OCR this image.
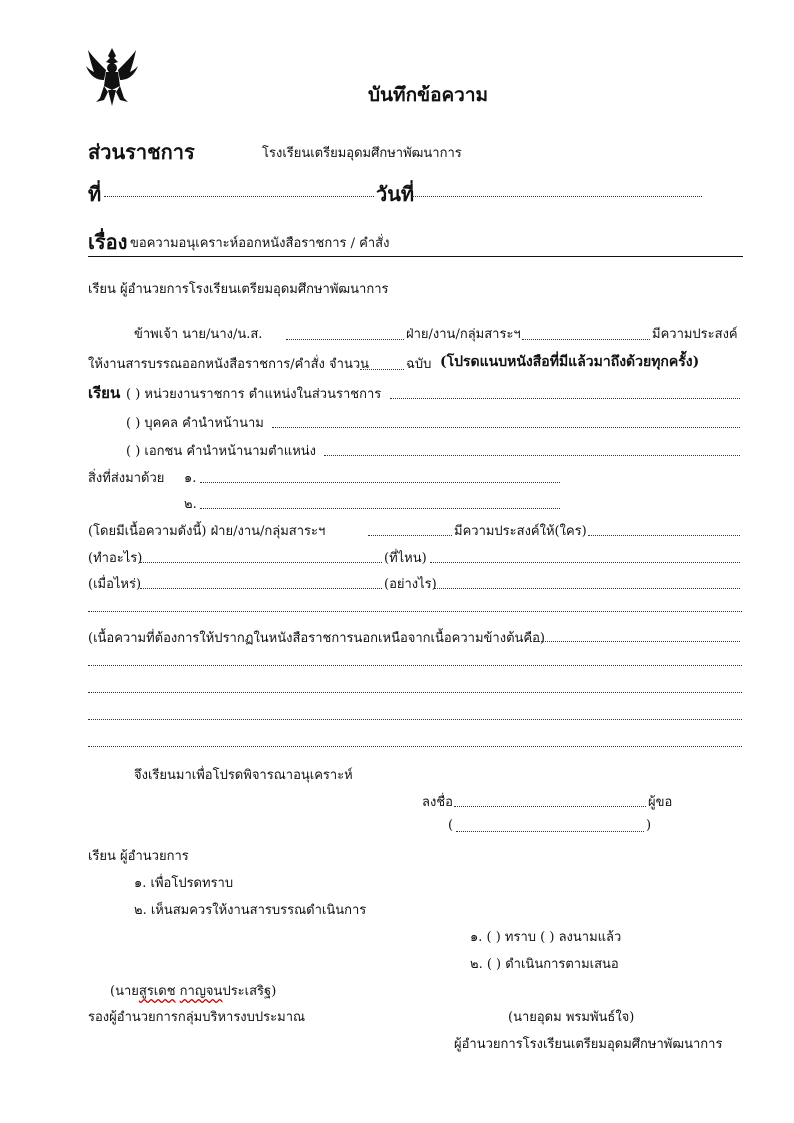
บันทึกข้อความ
ส่วนราชการ	โรงเรียนเตรียมอุดมศึกษาพัฒนาการ
ที่	วันที่
เรื่อง ขอความอนุเคราะห์ออกหนังสือราชการ / คำสั่ง
เรียน ผู้อำนวยการโรงเรียนเตรียมอุดมศึกษาพัฒนาการ
ข้าพเจ้า นาย/นาง/น.ส.	ฝ่าย/งาน/กลุ่มสาระฯ	มีความประสงค์
ให้งานสารบรรณออกหนังสือราชการ/คำสั่ง จำนวน	ฉบับ (โปรดแนบหนังสือที่มีแล้วมาถึงด้วยทุกครั้ง)
เรียน ( ) หน่วยงานราชการ ตำแหน่งในส่วนราชการ
( ) บุคคล คำนำหน้านาม
( ) เอกชน คำนำหน้านามตำแหน่ง
สิ่งที่ส่งมาด้วย ๑.
๒.
(โดยมีเนื้อความดังนี้) ฝ่าย/งาน/กลุ่มสาระฯ	มีความประสงค์ให้(ใคร)
(ทำอะไร)	(ที่ไหน)
(เมื่อไหร่)	(อย่างไร)
(เนื้อความที่ต้องการให้ปรากฏในหนังสือราชการนอกเหนือจากเนื้อความข้างต้นคือ)
จึงเรียนมาเพื่อโปรดพิจารณาอนุเคราะห์
ลงชื่อ	ผู้ขอ
(	)
เรียน ผู้อำนวยการ
๑. เพื่อโปรดทราบ
๒. เห็นสมควรให้งานสารบรรณดำเนินการ
๑. ( ) ทราบ ( ) ลงนามแล้ว
๒. ( ) ดำเนินการตามเสนอ
(นายสูรเดช กาญจนประเสริฐ)
รองผู้อำนวยการกลุ่มบริหารงบประมาณ	(นายอุดม พรมพันธ์ใจ)
ผู้อำนวยการโรงเรียนเตรียมอุดมศึกษาพัฒนาการ
